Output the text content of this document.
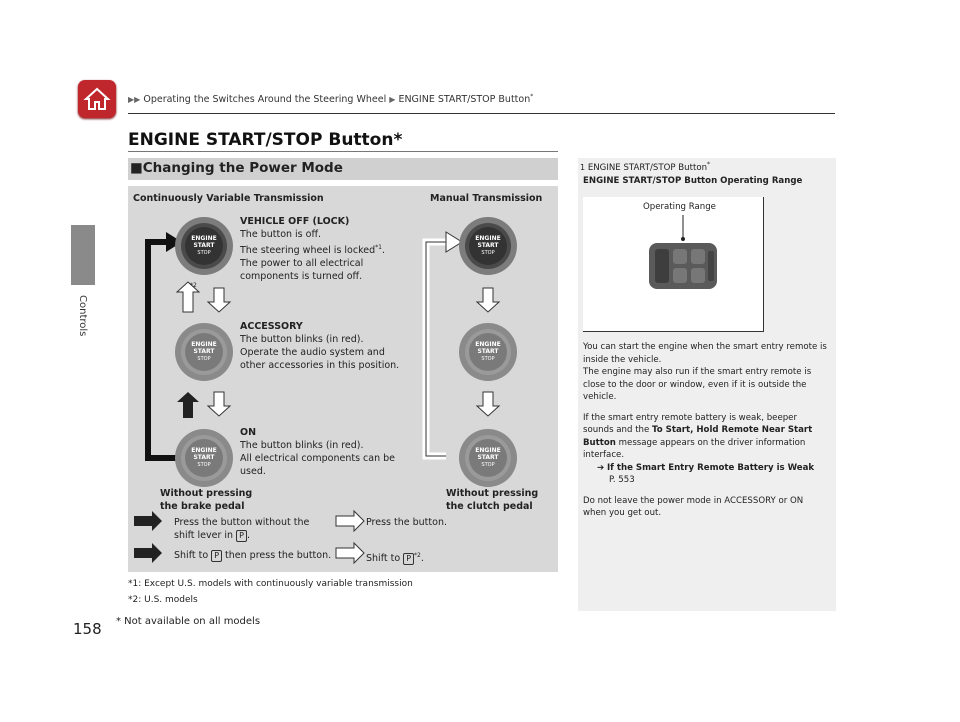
▶▶ Operating the Switches Around the Steering Wheel ▶ ENGINE START/STOP Button*
Controls
ENGINE START/STOP Button*
■Changing the Power Mode
Continuously Variable Transmission	Manual Transmission
ENGINE
START
STOP
ENGINE
START
STOP
ENGINE
START
STOP
ENGINE
START
STOP
ENGINE
START
STOP
ENGINE
START
STOP
VEHICLE OFF (LOCK)
The button is off.
The steering wheel is locked$^{*1}$.
The power to all electrical
components is turned off.
*2
ACCESSORY
The button blinks (in red).
Operate the audio system and
other accessories in this position.
ON
The button blinks (in red).
All electrical components can be
used.
Without pressing
the brake pedal
Without pressing
the clutch pedal
Press the button without the
shift lever in P .
Press the button.
Shift to P then press the button.	Shift to P $^{*2}$.
*1: Except U.S. models with continuously variable transmission
*2: U.S. models
158 * Not available on all models
1 ENGINE START/STOP Button*
ENGINE START/STOP Button Operating Range
Operating Range
You can start the engine when the smart entry remote is inside the vehicle.
The engine may also run if the smart entry remote is close to the door or window, even if it is outside the vehicle.
If the smart entry remote battery is weak, beeper sounds and the To Start, Hold Remote Near Start Button message appears on the driver information interface.
➔ If the Smart Entry Remote Battery is Weak
P. 553
Do not leave the power mode in ACCESSORY or ON when you get out.
